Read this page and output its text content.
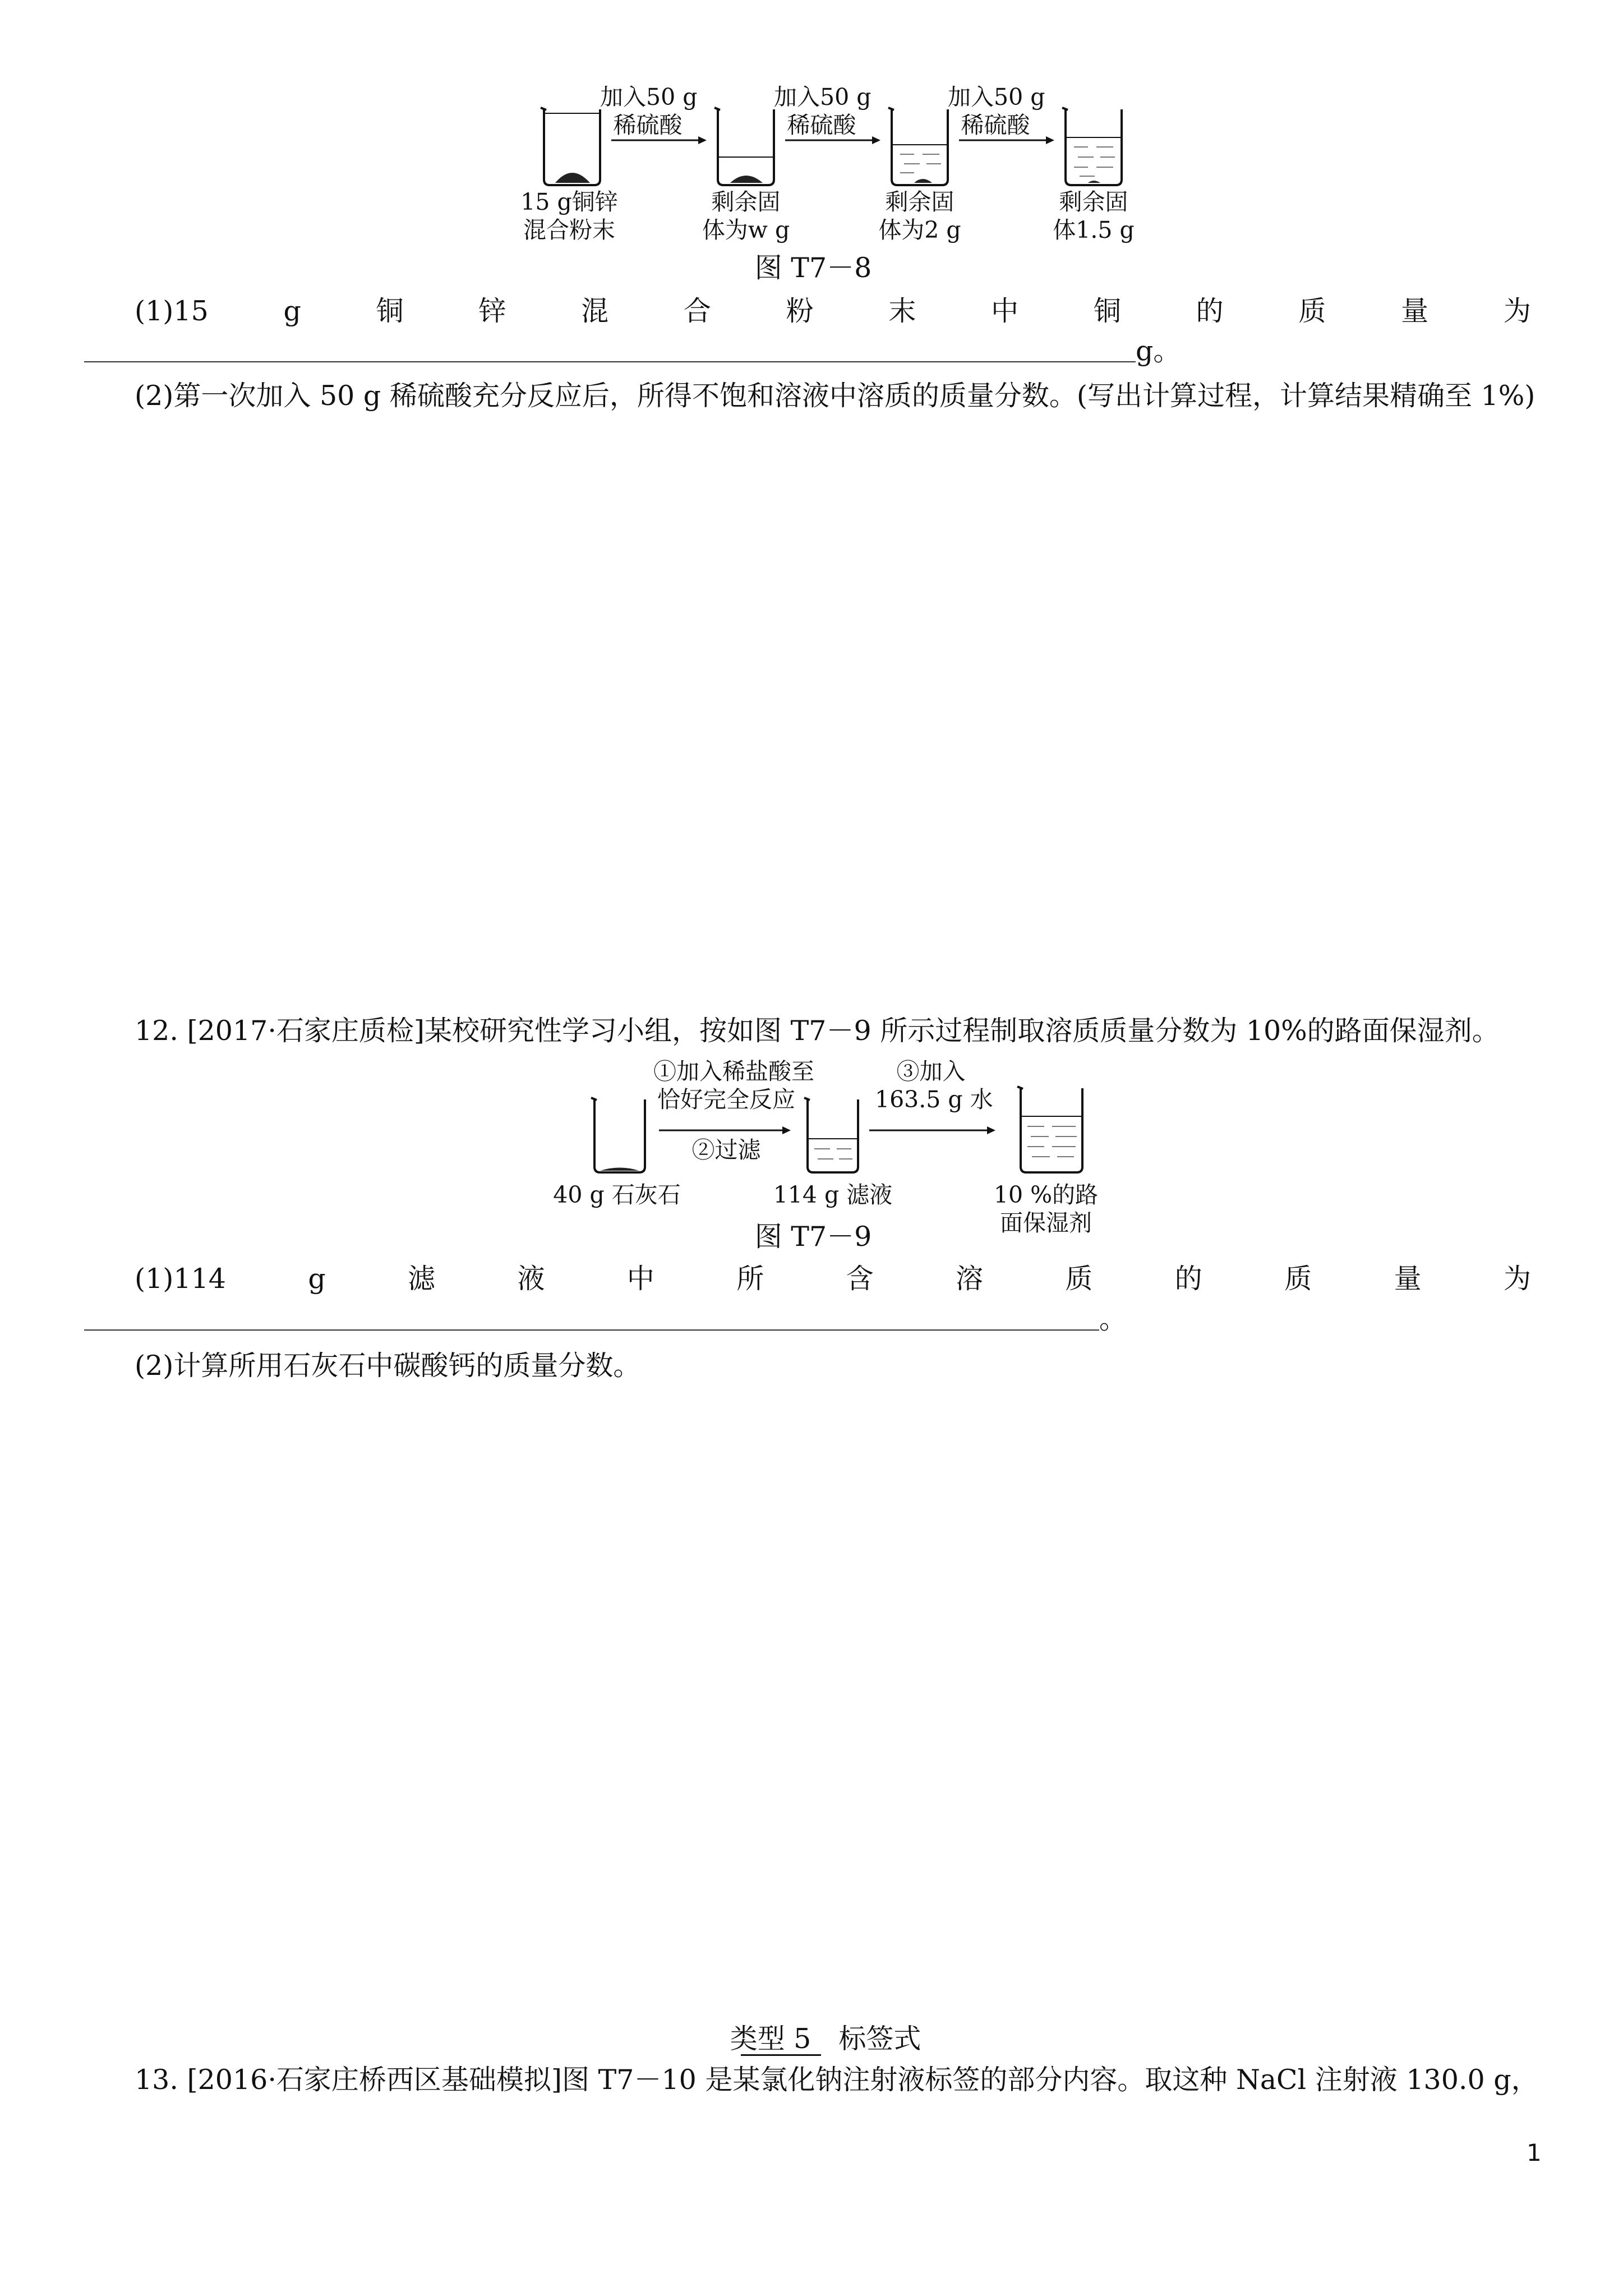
加入50 g
稀硫酸
加入50 g
稀硫酸
加入50 g
稀硫酸
15 g铜锌
混合粉末
剩余固
体为w g
剩余固
体为2 g
剩余固
体1.5 g
图 T7－8
(1)15	g	铜	锌	混	合	粉	末	中	铜	的	质	量	为
g。
(2)第一次加入 50 g 稀硫酸充分反应后，所得不饱和溶液中溶质的质量分数。(写出计算过程，计算结果精确至 1%)
12. [2017·石家庄质检]某校研究性学习小组，按如图 T7－9 所示过程制取溶质质量分数为 10%的路面保湿剂。
①加入稀盐酸至
恰好完全反应
②过滤
③加入
163.5 g 水
40 g 石灰石	114 g 滤液	10 %的路
面保湿剂
图 T7－9
(1)114	g	滤	液	中	所	含	溶	质	的	质	量	为
。
(2)计算所用石灰石中碳酸钙的质量分数。
类型 5　标签式
13. [2016·石家庄桥西区基础模拟]图 T7－10 是某氯化钠注射液标签的部分内容。取这种 NaCl 注射液 130.0 g，
1
